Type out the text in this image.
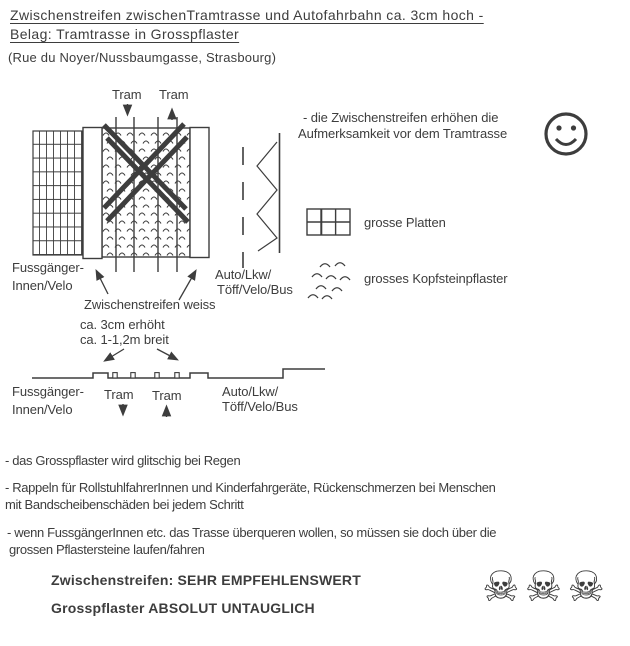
Zwischenstreifen zwischenTramtrasse und Autofahrbahn ca. 3cm hoch -
Belag: Tramtrasse in Grosspflaster
(Rue du Noyer/Nussbaumgasse, Strasbourg)
Tram Tram
- die Zwischenstreifen erhöhen die
Aufmerksamkeit vor dem Tramtrasse
grosse Platten
grosses Kopfsteinpflaster
Fussgänger-
Innen/Velo
Auto/Lkw/
Töff/Velo/Bus
Zwischenstreifen weiss
ca. 3cm erhöht
ca. 1-1,2m breit
Fussgänger-
Innen/Velo
Tram Tram	Auto/Lkw/
Töff/Velo/Bus
- das Grosspflaster wird glitschig bei Regen
- Rappeln für RollstuhlfahrerInnen und Kinderfahrgeräte, Rückenschmerzen bei Menschen
mit Bandscheibenschäden bei jedem Schritt
- wenn FussgängerInnen etc. das Trasse überqueren wollen, so müssen sie doch über die
grossen Pflastersteine laufen/fahren
Zwischenstreifen: SEHR EMPFEHLENSWERT
Grosspflaster ABSOLUT UNTAUGLICH	☠ ☠ ☠
